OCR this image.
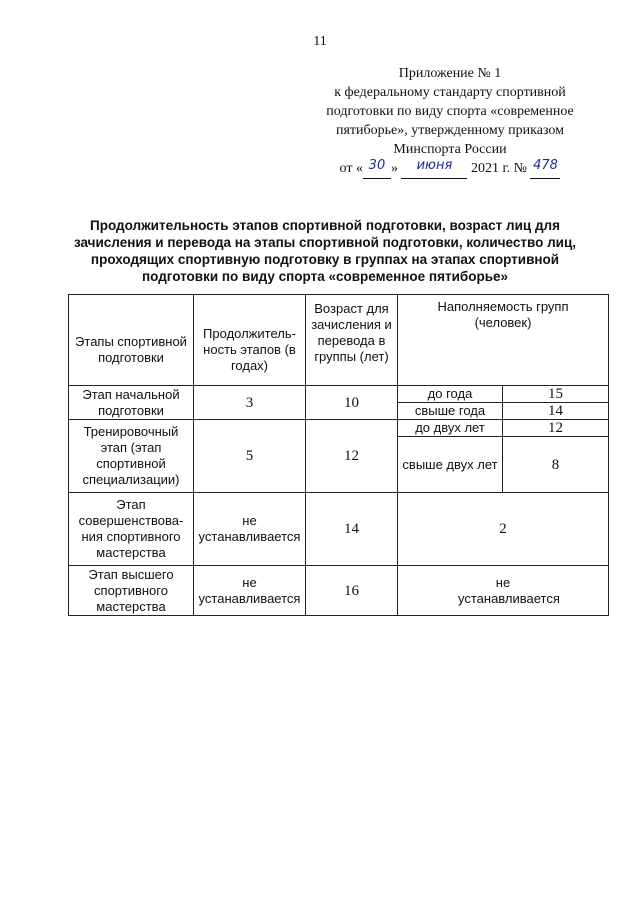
11
Приложение № 1
к федеральному стандарту спортивной
подготовки по виду спорта «современное
пятиборье», утвержденному приказом
Минспорта России
от « 30 » июня 2021 г. № 478
Продолжительность этапов спортивной подготовки, возраст лиц для зачисления и перевода на этапы спортивной подготовки, количество лиц, проходящих спортивную подготовку в группах на этапах спортивной подготовки по виду спорта «современное пятиборье»
Этапы спортивной подготовки	Продолжитель-ность этапов (в годах)	Возраст для зачисления и перевода в группы (лет)	Наполняемость групп (человек)	
Этап начальной подготовки	3	10	до года	15
			свыше года	14
Тренировочный этап (этап спортивной специализации)	5	12	до двух лет	12
			свыше двух лет	8
Этап совершенствова-ния спортивного мастерства	не устанавливается	14	2	
Этап высшего спортивного мастерства	не устанавливается	16	не устанавливается	
